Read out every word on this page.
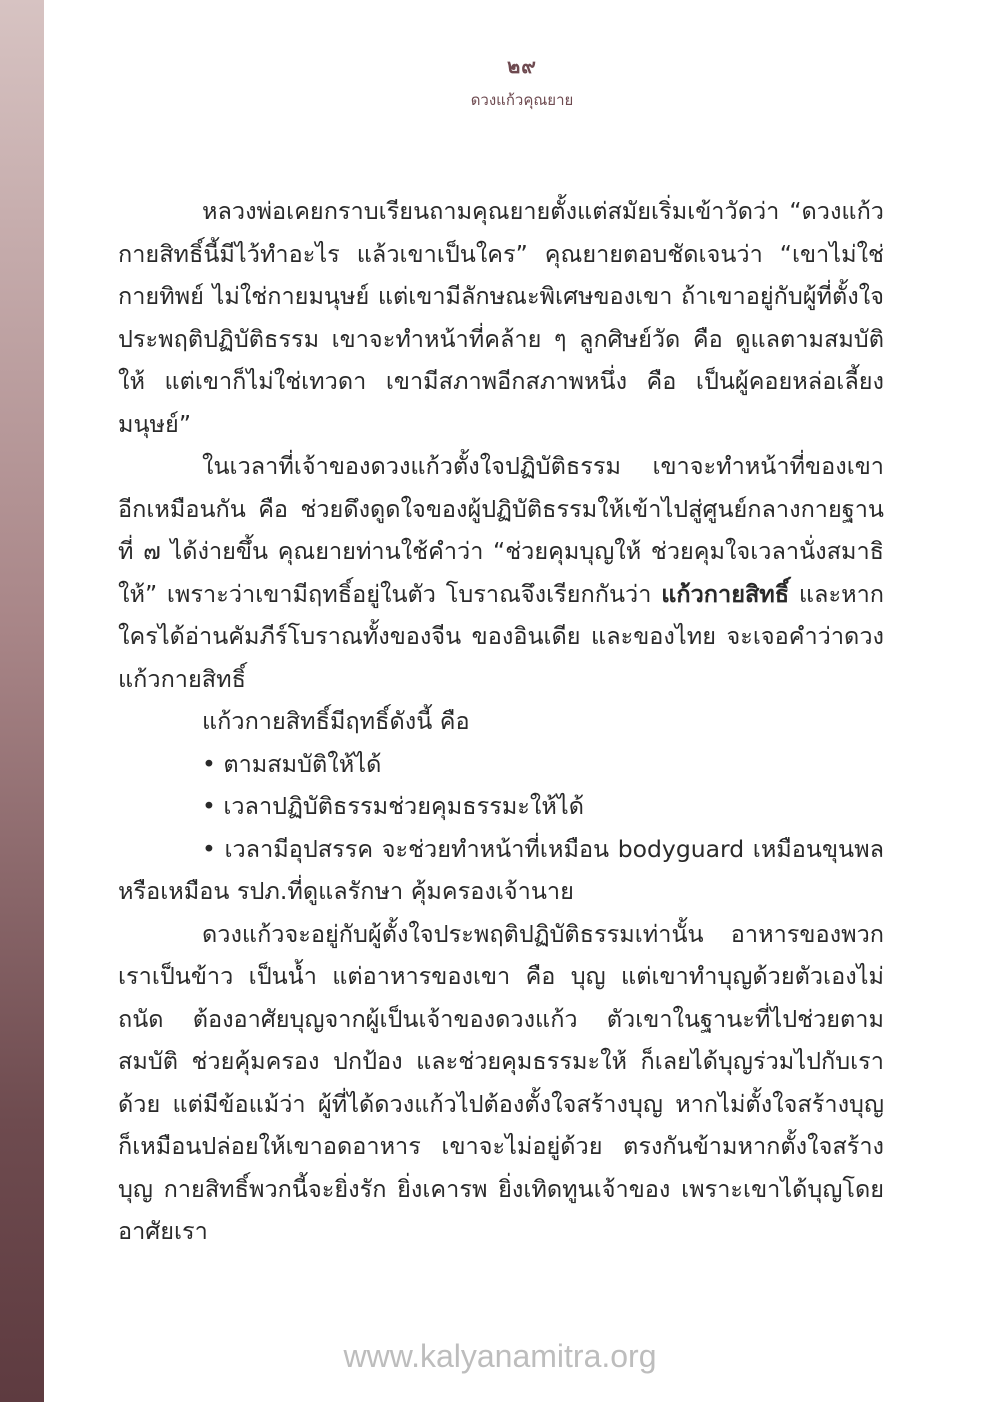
๒๙
ดวงแก้วคุณยาย

หลวงพ่อเคยกราบเรียนถามคุณยายตั้งแต่สมัยเริ่มเข้าวัดว่า “ดวงแก้วกายสิทธิ์นี้มีไว้ทำอะไร แล้วเขาเป็นใคร” คุณยายตอบชัดเจนว่า “เขาไม่ใช่กายทิพย์ ไม่ใช่กายมนุษย์ แต่เขามีลักษณะพิเศษของเขา ถ้าเขาอยู่กับผู้ที่ตั้งใจประพฤติปฏิบัติธรรม เขาจะทำหน้าที่คล้าย ๆ ลูกศิษย์วัด คือ ดูแลตามสมบัติให้ แต่เขาก็ไม่ใช่เทวดา เขามีสภาพอีกสภาพหนึ่ง คือ เป็นผู้คอยหล่อเลี้ยงมนุษย์”

ในเวลาที่เจ้าของดวงแก้วตั้งใจปฏิบัติธรรม เขาจะทำหน้าที่ของเขาอีกเหมือนกัน คือ ช่วยดึงดูดใจของผู้ปฏิบัติธรรมให้เข้าไปสู่ศูนย์กลางกายฐานที่ ๗ ได้ง่ายขึ้น คุณยายท่านใช้คำว่า “ช่วยคุมบุญให้ ช่วยคุมใจเวลานั่งสมาธิให้” เพราะว่าเขามีฤทธิ์อยู่ในตัว โบราณจึงเรียกกันว่า แก้วกายสิทธิ์ และหากใครได้อ่านคัมภีร์โบราณทั้งของจีน ของอินเดีย และของไทย จะเจอคำว่าดวงแก้วกายสิทธิ์

แก้วกายสิทธิ์มีฤทธิ์ดังนี้ คือ

• ตามสมบัติให้ได้

• เวลาปฏิบัติธรรมช่วยคุมธรรมะให้ได้

• เวลามีอุปสรรค จะช่วยทำหน้าที่เหมือน bodyguard เหมือนขุนพล หรือเหมือน รปภ.ที่ดูแลรักษา คุ้มครองเจ้านาย

ดวงแก้วจะอยู่กับผู้ตั้งใจประพฤติปฏิบัติธรรมเท่านั้น อาหารของพวกเราเป็นข้าว เป็นน้ำ แต่อาหารของเขา คือ บุญ แต่เขาทำบุญด้วยตัวเองไม่ถนัด ต้องอาศัยบุญจากผู้เป็นเจ้าของดวงแก้ว ตัวเขาในฐานะที่ไปช่วยตามสมบัติ ช่วยคุ้มครอง ปกป้อง และช่วยคุมธรรมะให้ ก็เลยได้บุญร่วมไปกับเราด้วย แต่มีข้อแม้ว่า ผู้ที่ได้ดวงแก้วไปต้องตั้งใจสร้างบุญ หากไม่ตั้งใจสร้างบุญ ก็เหมือนปล่อยให้เขาอดอาหาร เขาจะไม่อยู่ด้วย ตรงกันข้ามหากตั้งใจสร้างบุญ กายสิทธิ์พวกนี้จะยิ่งรัก ยิ่งเคารพ ยิ่งเทิดทูนเจ้าของ เพราะเขาได้บุญโดยอาศัยเรา

www.kalyanamitra.org
